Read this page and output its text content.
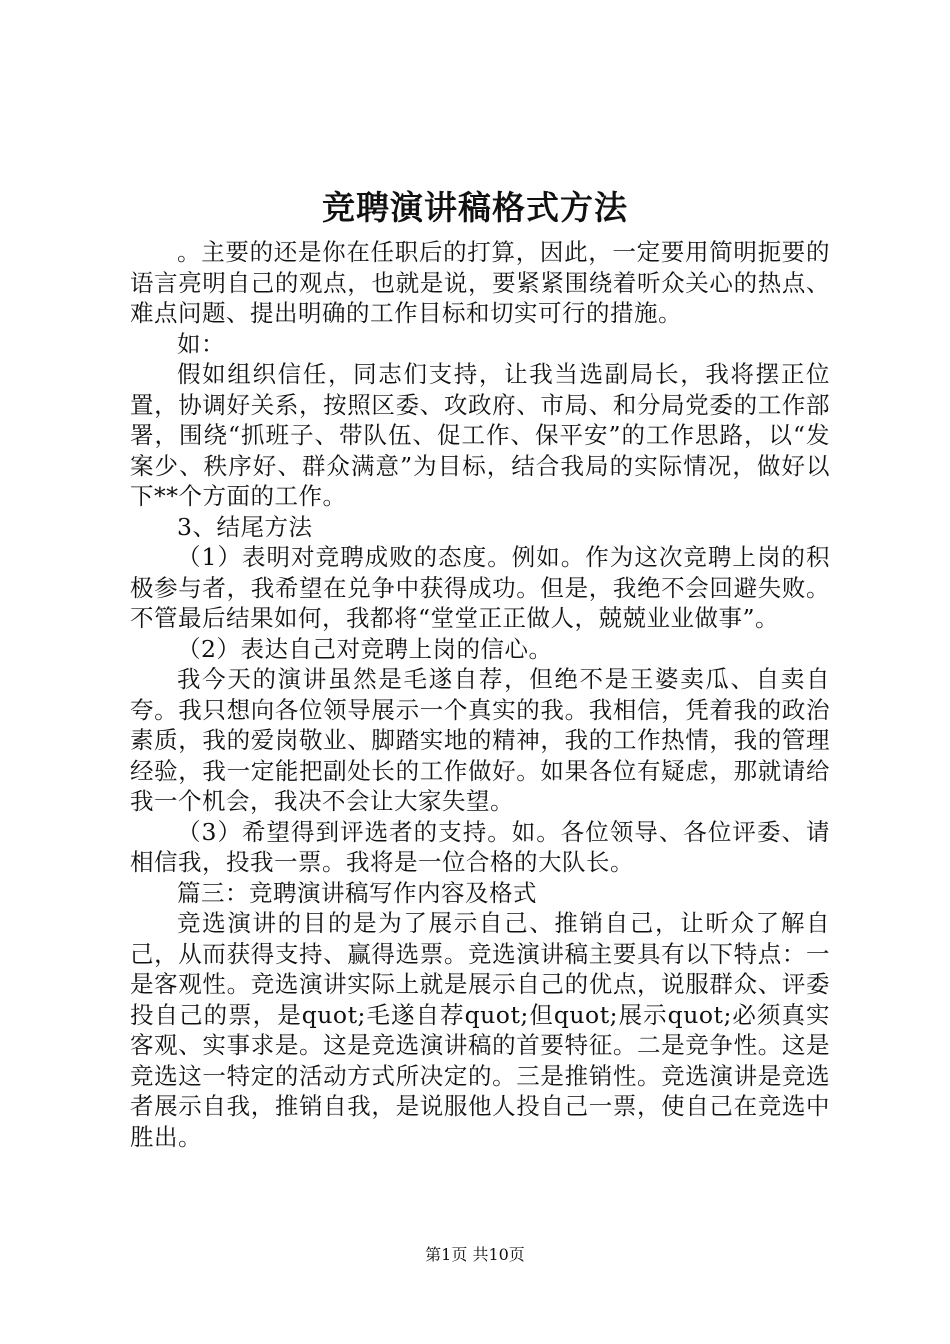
竞聘演讲稿格式方法

。主要的还是你在任职后的打算，因此，一定要用简明扼要的语言亮明自己的观点，也就是说，要紧紧围绕着听众关心的热点、难点问题、提出明确的工作目标和切实可行的措施。

如：

假如组织信任，同志们支持，让我当选副局长，我将摆正位置，协调好关系，按照区委、攻政府、市局、和分局党委的工作部署，围绕“抓班子、带队伍、促工作、保平安”的工作思路，以“发案少、秩序好、群众满意”为目标，结合我局的实际情况，做好以下**个方面的工作。

3、结尾方法

（1）表明对竞聘成败的态度。例如。作为这次竞聘上岗的积极参与者，我希望在兑争中获得成功。但是，我绝不会回避失败。不管最后结果如何，我都将“堂堂正正做人，兢兢业业做事”。

（2）表达自己对竞聘上岗的信心。

我今天的演讲虽然是毛遂自荐，但绝不是王婆卖瓜、自卖自夸。我只想向各位领导展示一个真实的我。我相信，凭着我的政治素质，我的爱岗敬业、脚踏实地的精神，我的工作热情，我的管理经验，我一定能把副处长的工作做好。如果各位有疑虑，那就请给我一个机会，我决不会让大家失望。

（3）希望得到评选者的支持。如。各位领导、各位评委、请相信我，投我一票。我将是一位合格的大队长。

篇三：竞聘演讲稿写作内容及格式

竞选演讲的目的是为了展示自己、推销自己，让昕众了解自己，从而获得支持、赢得选票。竞选演讲稿主要具有以下特点：一是客观性。竞选演讲实际上就是展示自己的优点，说服群众、评委投自己的票，是quot;毛遂自荐quot;但quot;展示quot;必须真实客观、实事求是。这是竞选演讲稿的首要特征。二是竞争性。这是竞选这一特定的活动方式所决定的。三是推销性。竞选演讲是竞选者展示自我，推销自我，是说服他人投自己一票，使自己在竞选中胜出。

第1页 共10页
